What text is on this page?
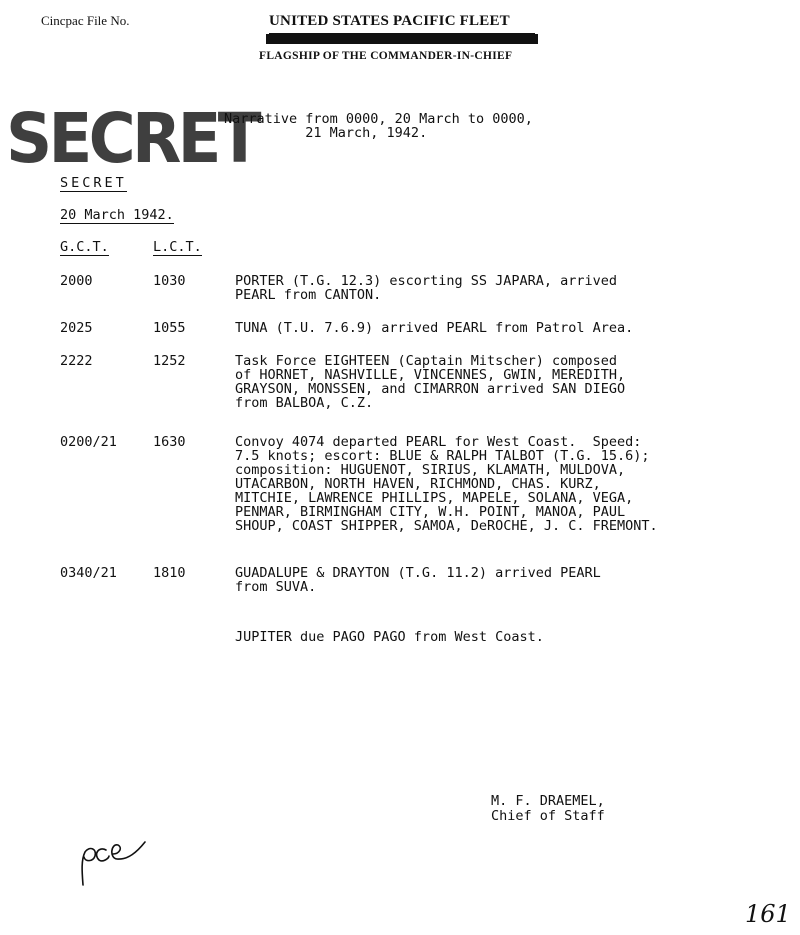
Cincpac File No.	UNITED STATES PACIFIC FLEET
FLAGSHIP OF THE COMMANDER-IN-CHIEF
SECRET
Narrative from 0000, 20 March to 0000,
21 March, 1942.
SECRET
20 March 1942.
G.C.T.	L.C.T.
2000	1030	PORTER (T.G. 12.3) escorting SS JAPARA, arrived
PEARL from CANTON.
2025	1055	TUNA (T.U. 7.6.9) arrived PEARL from Patrol Area.
2222	1252	Task Force EIGHTEEN (Captain Mitscher) composed
of HORNET, NASHVILLE, VINCENNES, GWIN, MEREDITH,
GRAYSON, MONSSEN, and CIMARRON arrived SAN DIEGO
from BALBOA, C.Z.
0200/21	1630	Convoy 4074 departed PEARL for West Coast.  Speed:
7.5 knots; escort: BLUE & RALPH TALBOT (T.G. 15.6);
composition: HUGUENOT, SIRIUS, KLAMATH, MULDOVA,
UTACARBON, NORTH HAVEN, RICHMOND, CHAS. KURZ,
MITCHIE, LAWRENCE PHILLIPS, MAPELE, SOLANA, VEGA,
PENMAR, BIRMINGHAM CITY, W.H. POINT, MANOA, PAUL
SHOUP, COAST SHIPPER, SAMOA, DeROCHE, J. C. FREMONT.
0340/21	1810	GUADALUPE & DRAYTON (T.G. 11.2) arrived PEARL
from SUVA.
JUPITER due PAGO PAGO from West Coast.
M. F. DRAEMEL,
Chief of Staff
161
